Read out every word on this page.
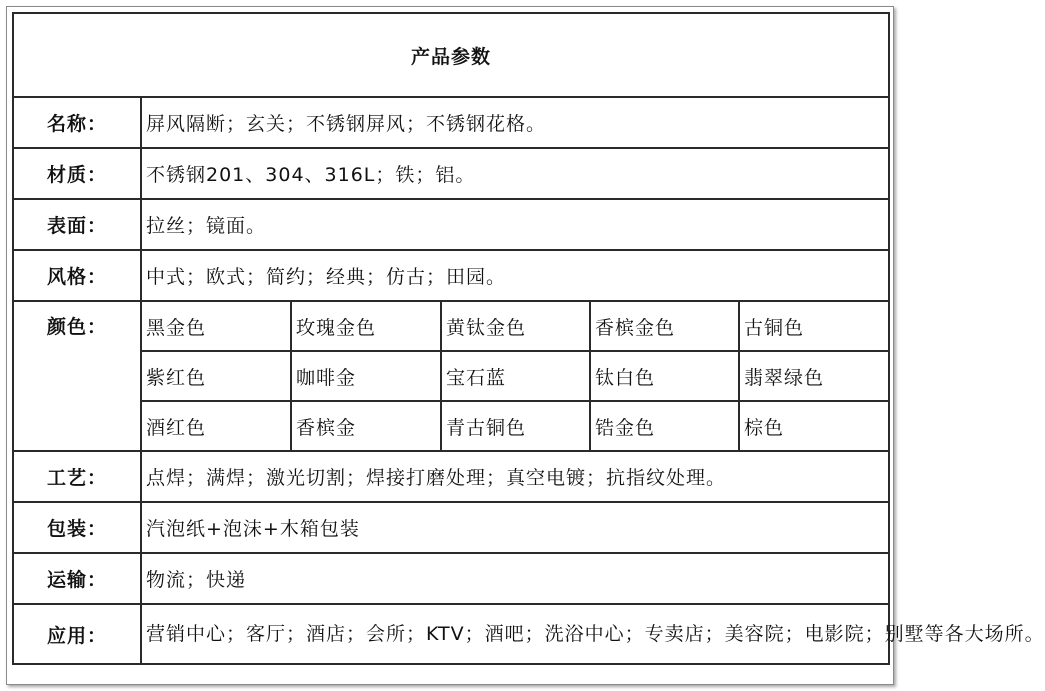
产品参数					
名称：	屏风隔断；玄关；不锈钢屏风；不锈钢花格。				
材质：	不锈钢201、304、316L；铁；铝。				
表面：	拉丝；镜面。				
风格：	中式；欧式；简约；经典；仿古；田园。				
颜色：	黑金色	玫瑰金色	黄钛金色	香槟金色	古铜色
	紫红色	咖啡金	宝石蓝	钛白色	翡翠绿色
	酒红色	香槟金	青古铜色	锆金色	棕色
工艺：	点焊；满焊；激光切割；焊接打磨处理；真空电镀；抗指纹处理。				
包装：	汽泡纸+泡沫+木箱包装				
运输：	物流；快递				
应用：	营销中心；客厅；酒店；会所；KTV；酒吧；洗浴中心；专卖店；美容院；电影院；别墅等各大场所。				
